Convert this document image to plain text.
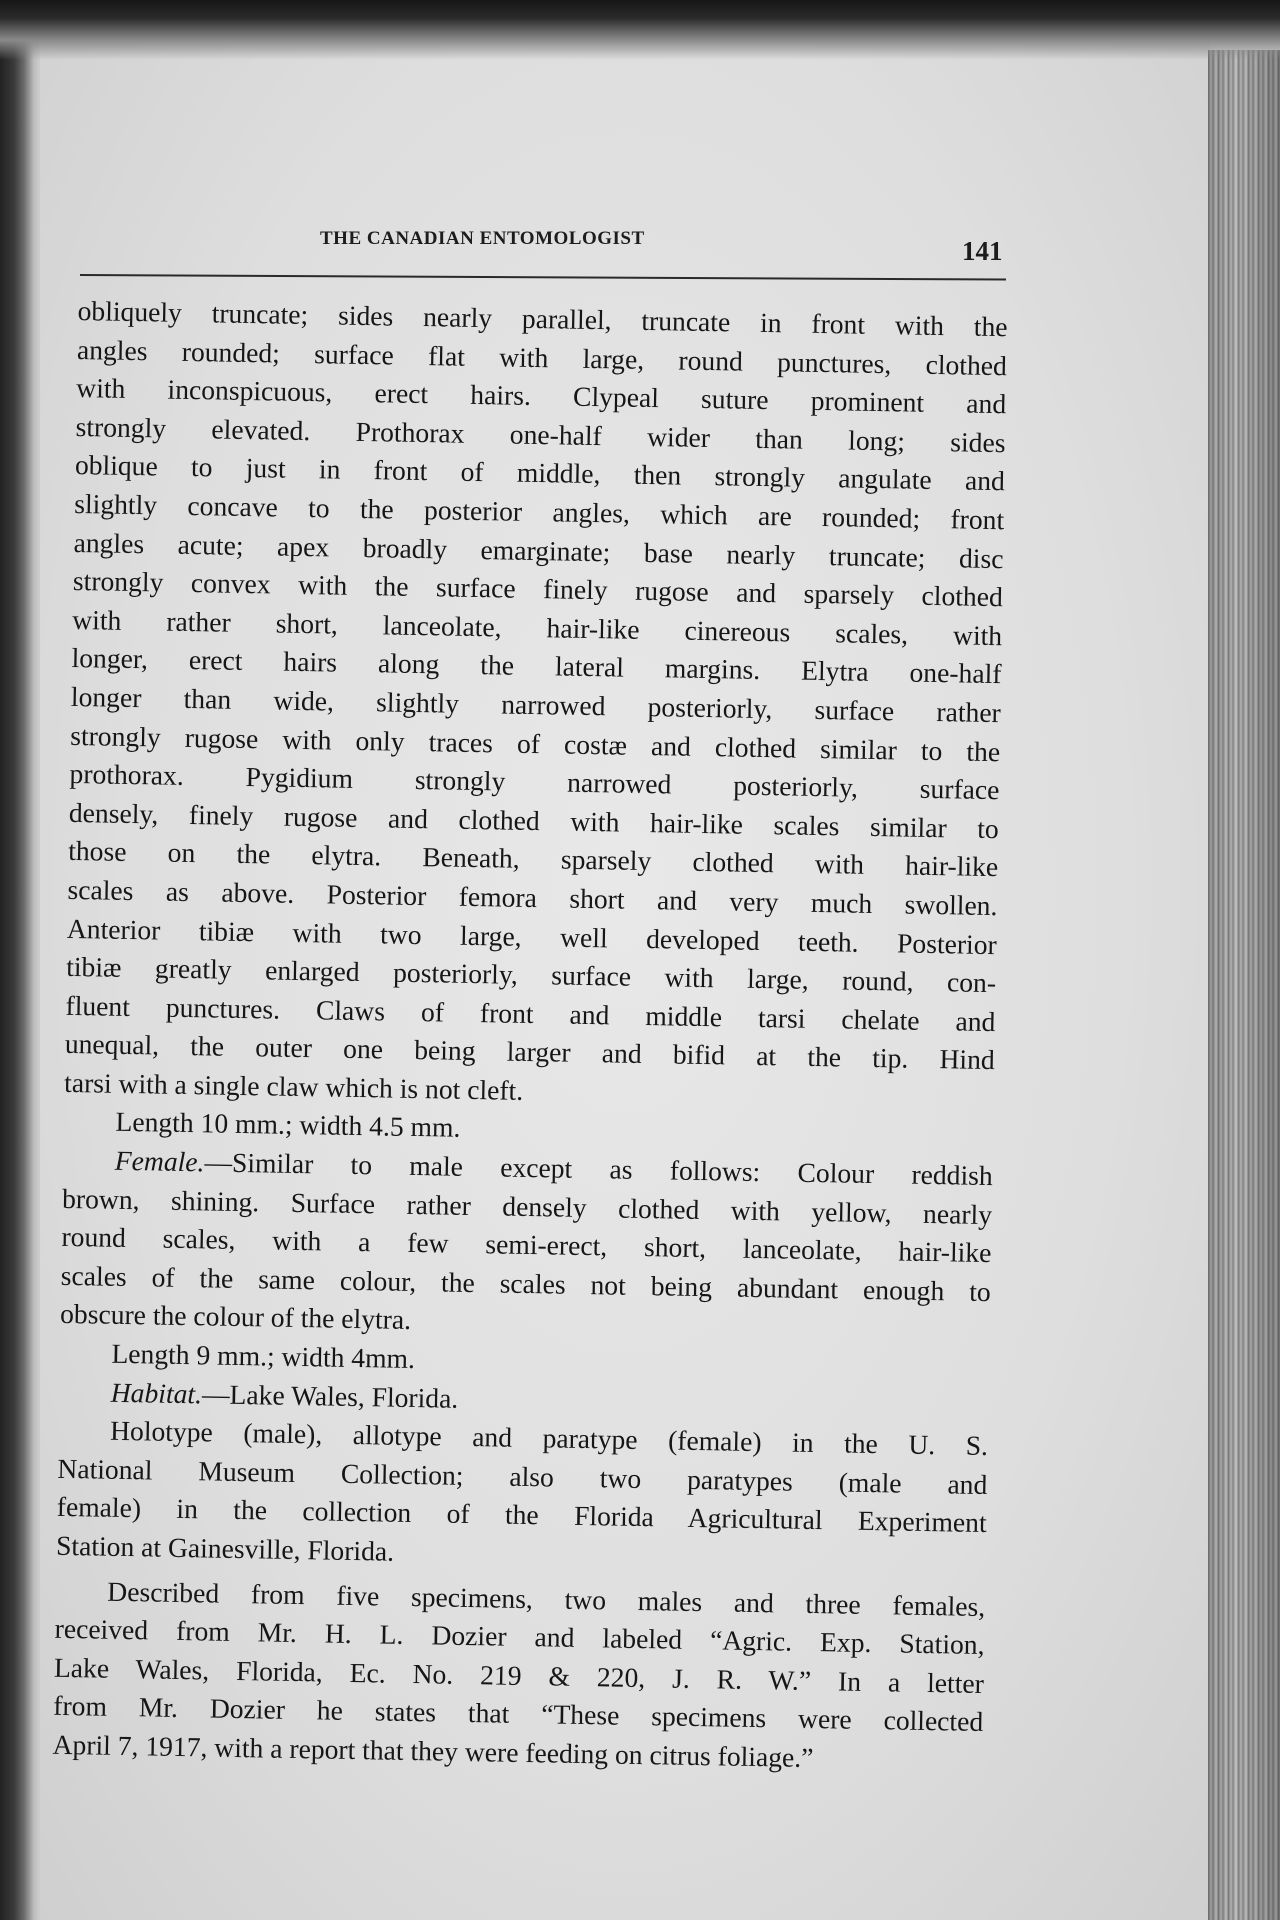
THE CANADIAN ENTOMOLOGIST	141

obliquely truncate; sides nearly parallel, truncate in front with the

angles rounded; surface flat with large, round punctures, clothed

with inconspicuous, erect hairs. Clypeal suture prominent and

strongly elevated. Prothorax one-half wider than long; sides

oblique to just in front of middle, then strongly angulate and

slightly concave to the posterior angles, which are rounded; front

angles acute; apex broadly emarginate; base nearly truncate; disc

strongly convex with the surface finely rugose and sparsely clothed

with rather short, lanceolate, hair-like cinereous scales, with

longer, erect hairs along the lateral margins. Elytra one-half

longer than wide, slightly narrowed posteriorly, surface rather

strongly rugose with only traces of costæ and clothed similar to the

prothorax. Pygidium strongly narrowed posteriorly, surface

densely, finely rugose and clothed with hair-like scales similar to

those on the elytra. Beneath, sparsely clothed with hair-like

scales as above. Posterior femora short and very much swollen.

Anterior tibiæ with two large, well developed teeth. Posterior

tibiæ greatly enlarged posteriorly, surface with large, round, con-

fluent punctures. Claws of front and middle tarsi chelate and

unequal, the outer one being larger and bifid at the tip. Hind

tarsi with a single claw which is not cleft.

Length 10 mm.; width 4.5 mm.

Female.—Similar to male except as follows: Colour reddish

brown, shining. Surface rather densely clothed with yellow, nearly

round scales, with a few semi-erect, short, lanceolate, hair-like

scales of the same colour, the scales not being abundant enough to

obscure the colour of the elytra.

Length 9 mm.; width 4mm.

Habitat.—Lake Wales, Florida.

Holotype (male), allotype and paratype (female) in the U. S.

National Museum Collection; also two paratypes (male and

female) in the collection of the Florida Agricultural Experiment

Station at Gainesville, Florida.

Described from five specimens, two males and three females,

received from Mr. H. L. Dozier and labeled “Agric. Exp. Station,

Lake Wales, Florida, Ec. No. 219 & 220, J. R. W.” In a letter

from Mr. Dozier he states that “These specimens were collected

April 7, 1917, with a report that they were feeding on citrus foliage.”
